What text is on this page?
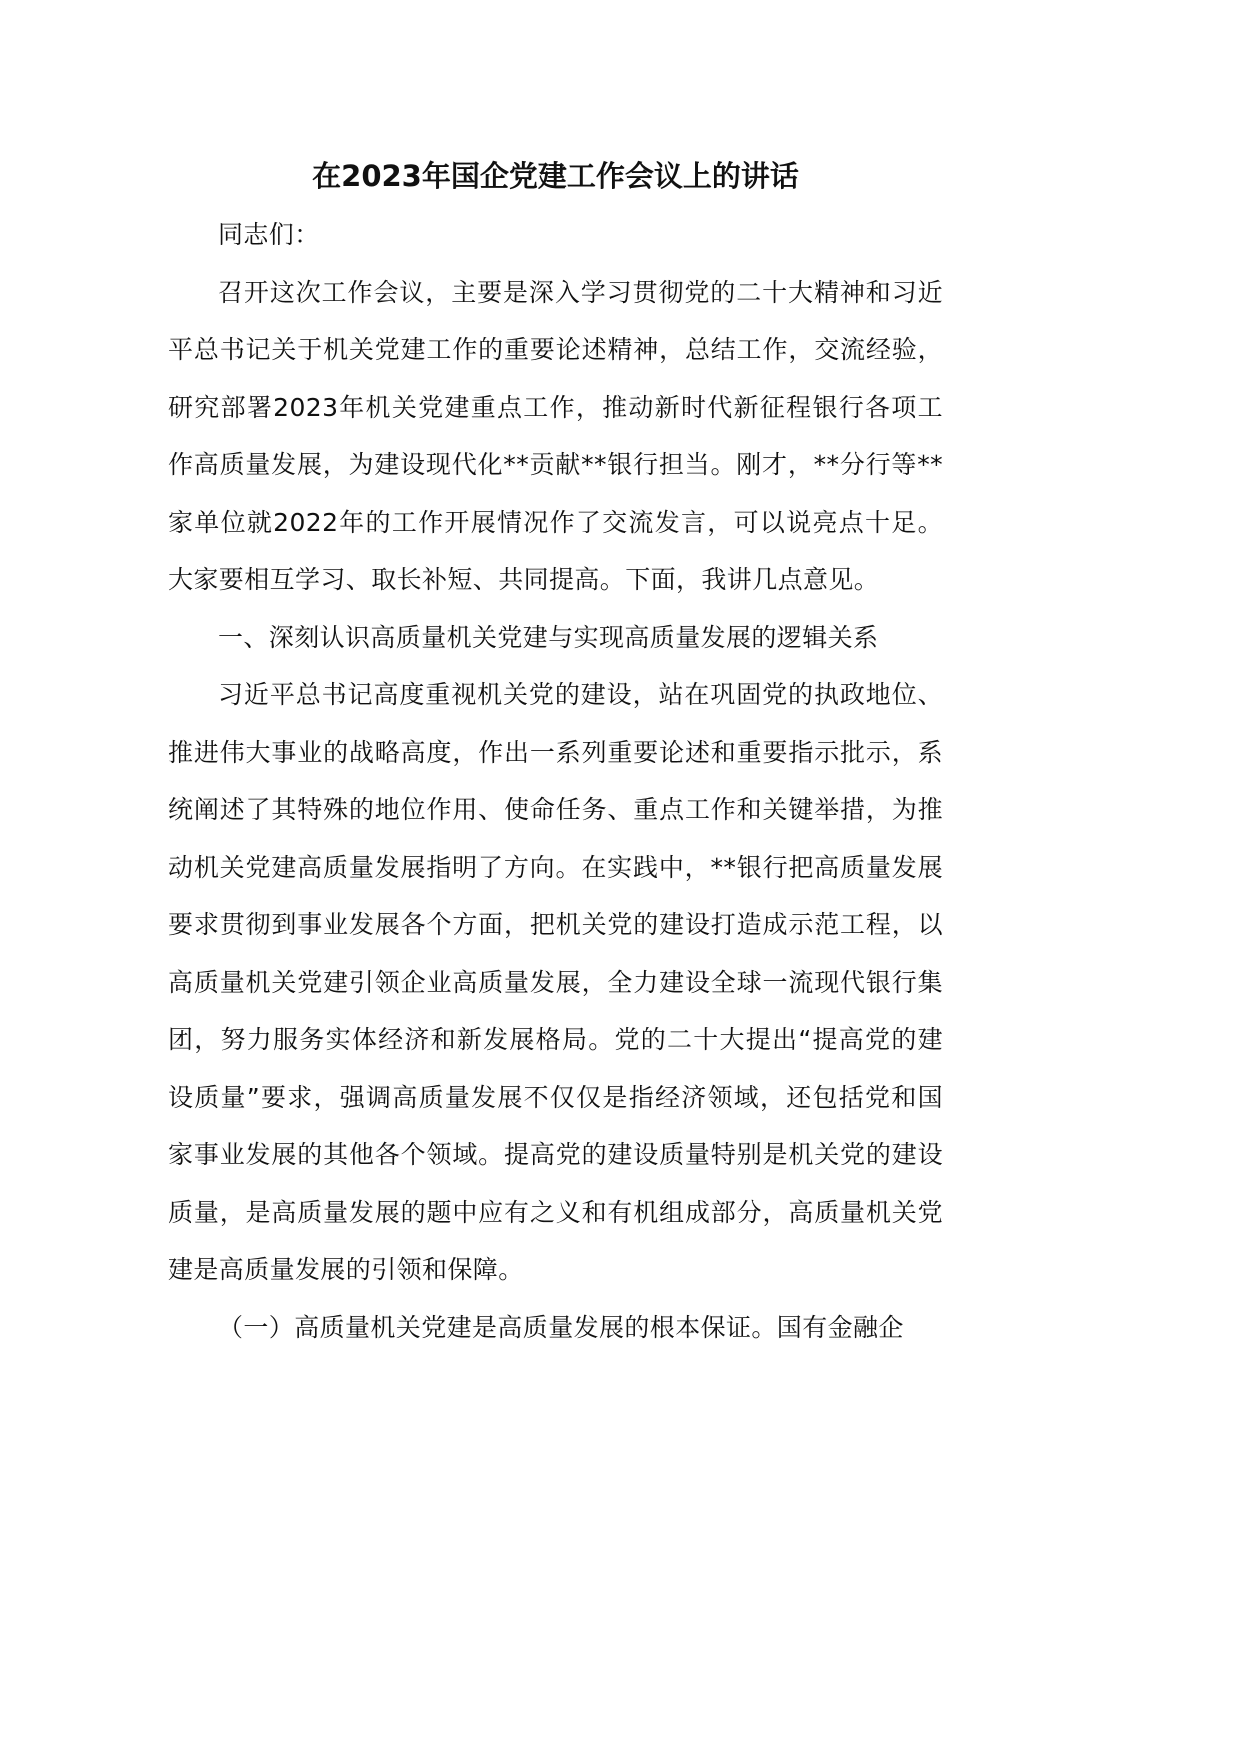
在2023年国企党建工作会议上的讲话

同志们：

召开这次工作会议，主要是深入学习贯彻党的二十大精神和习近平总书记关于机关党建工作的重要论述精神，总结工作，交流经验，研究部署2023年机关党建重点工作，推动新时代新征程银行各项工作高质量发展，为建设现代化**贡献**银行担当。刚才，**分行等**家单位就2022年的工作开展情况作了交流发言，可以说亮点十足。大家要相互学习、取长补短、共同提高。下面，我讲几点意见。

一、深刻认识高质量机关党建与实现高质量发展的逻辑关系

习近平总书记高度重视机关党的建设，站在巩固党的执政地位、推进伟大事业的战略高度，作出一系列重要论述和重要指示批示，系统阐述了其特殊的地位作用、使命任务、重点工作和关键举措，为推动机关党建高质量发展指明了方向。在实践中，**银行把高质量发展要求贯彻到事业发展各个方面，把机关党的建设打造成示范工程，以高质量机关党建引领企业高质量发展，全力建设全球一流现代银行集团，努力服务实体经济和新发展格局。党的二十大提出“提高党的建设质量”要求，强调高质量发展不仅仅是指经济领域，还包括党和国家事业发展的其他各个领域。提高党的建设质量特别是机关党的建设质量，是高质量发展的题中应有之义和有机组成部分，高质量机关党建是高质量发展的引领和保障。

（一）高质量机关党建是高质量发展的根本保证。国有金融企
